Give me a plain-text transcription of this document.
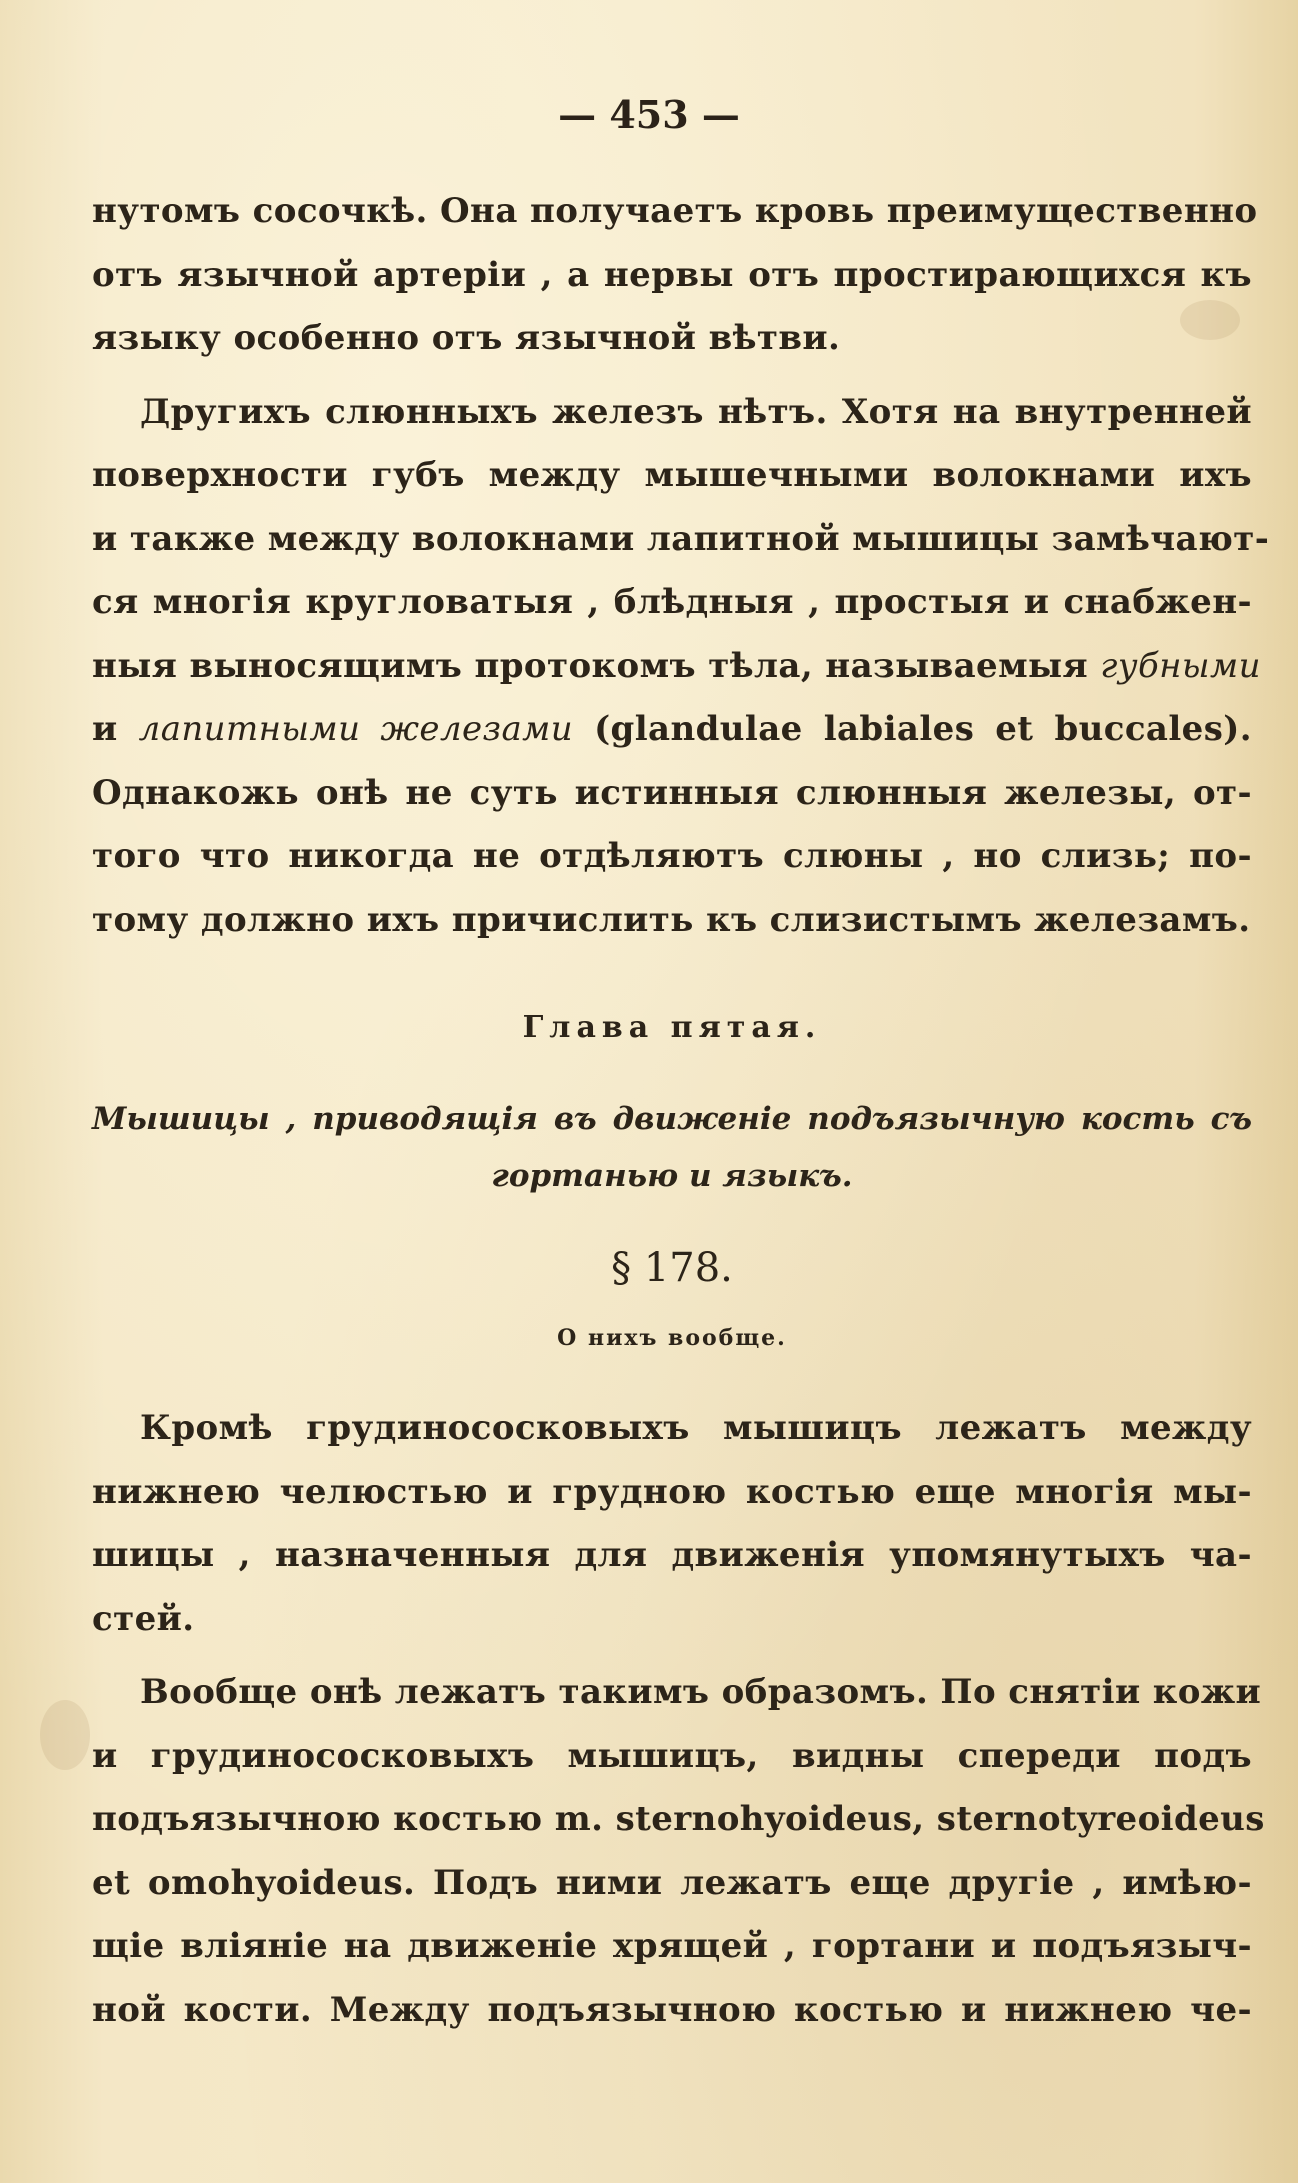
— 453 —
нутомъ сосочкѣ. Она получаетъ кровь преимущественно
отъ язычной артеріи , а нервы отъ простирающихся къ
языку особенно отъ язычной вѣтви.
Другихъ слюнныхъ железъ нѣтъ. Хотя на внутренней
поверхности губъ между мышечными волокнами ихъ
и также между волокнами лапитной мышицы замѣчают-
ся многія кругловатыя , блѣдныя , простыя и снабжен-
ныя выносящимъ протокомъ тѣла, называемыя губными
и лапитными железами (glandulae labiales et buccales).
Однакожь онѣ не суть истинныя слюнныя железы, от-
того что никогда не отдѣляютъ слюны , но слизь; по-
тому должно ихъ причислить къ слизистымъ железамъ.
Глава пятая.
Мышицы , приводящія въ движеніе подъязычную кость съ
гортанью и языкъ.
§ 178.
О нихъ вообще.
Кромѣ грудинососковыхъ мышицъ лежатъ между
нижнею челюстью и грудною костью еще многія мы-
шицы , назначенныя для движенія упомянутыхъ ча-
стей.
Вообще онѣ лежатъ такимъ образомъ. По снятіи кожи
и грудинососковыхъ мышицъ, видны спереди подъ
подъязычною костью m. sternohyoideus, sternotyreoideus
et omohyoideus. Подъ ними лежатъ еще другіе , имѣю-
щіе вліяніе на движеніе хрящей , гортани и подъязыч-
ной кости. Между подъязычною костью и нижнею че-
